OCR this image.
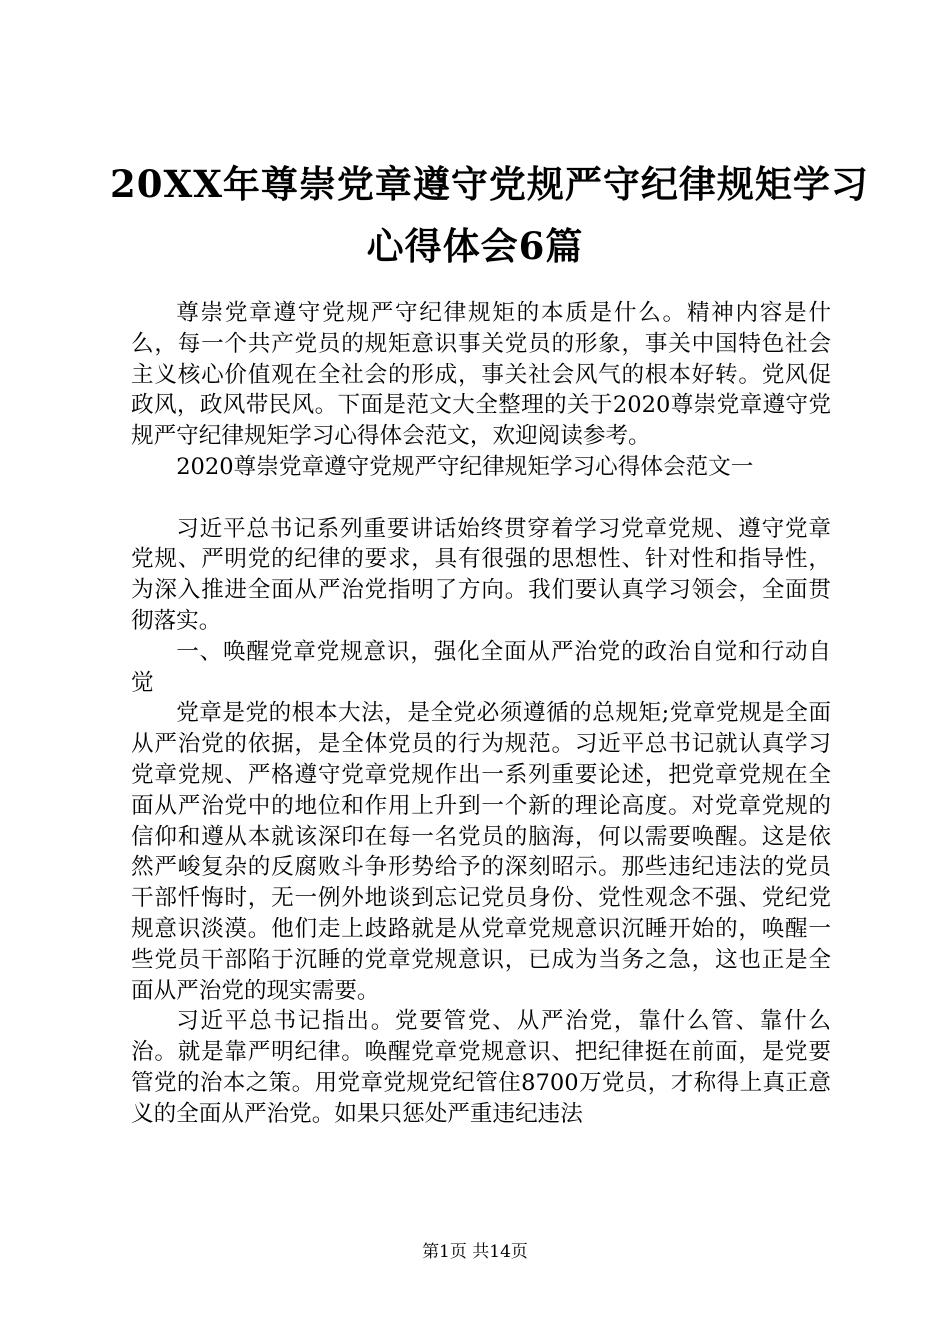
20XX年尊崇党章遵守党规严守纪律规矩学习
心得体会6篇

尊崇党章遵守党规严守纪律规矩的本质是什么。精神内容是什么，每一个共产党员的规矩意识事关党员的形象，事关中国特色社会主义核心价值观在全社会的形成，事关社会风气的根本好转。党风促政风，政风带民风。下面是范文大全整理的关于2020尊崇党章遵守党规严守纪律规矩学习心得体会范文，欢迎阅读参考。

2020尊崇党章遵守党规严守纪律规矩学习心得体会范文一

习近平总书记系列重要讲话始终贯穿着学习党章党规、遵守党章党规、严明党的纪律的要求，具有很强的思想性、针对性和指导性，为深入推进全面从严治党指明了方向。我们要认真学习领会，全面贯彻落实。

一、唤醒党章党规意识，强化全面从严治党的政治自觉和行动自觉

党章是党的根本大法，是全党必须遵循的总规矩;党章党规是全面从严治党的依据，是全体党员的行为规范。习近平总书记就认真学习党章党规、严格遵守党章党规作出一系列重要论述，把党章党规在全面从严治党中的地位和作用上升到一个新的理论高度。对党章党规的信仰和遵从本就该深印在每一名党员的脑海，何以需要唤醒。这是依然严峻复杂的反腐败斗争形势给予的深刻昭示。那些违纪违法的党员干部忏悔时，无一例外地谈到忘记党员身份、党性观念不强、党纪党规意识淡漠。他们走上歧路就是从党章党规意识沉睡开始的，唤醒一些党员干部陷于沉睡的党章党规意识，已成为当务之急，这也正是全面从严治党的现实需要。

习近平总书记指出。党要管党、从严治党，靠什么管、靠什么治。就是靠严明纪律。唤醒党章党规意识、把纪律挺在前面，是党要管党的治本之策。用党章党规党纪管住8700万党员，才称得上真正意义的全面从严治党。如果只惩处严重违纪违法

第1页 共14页
